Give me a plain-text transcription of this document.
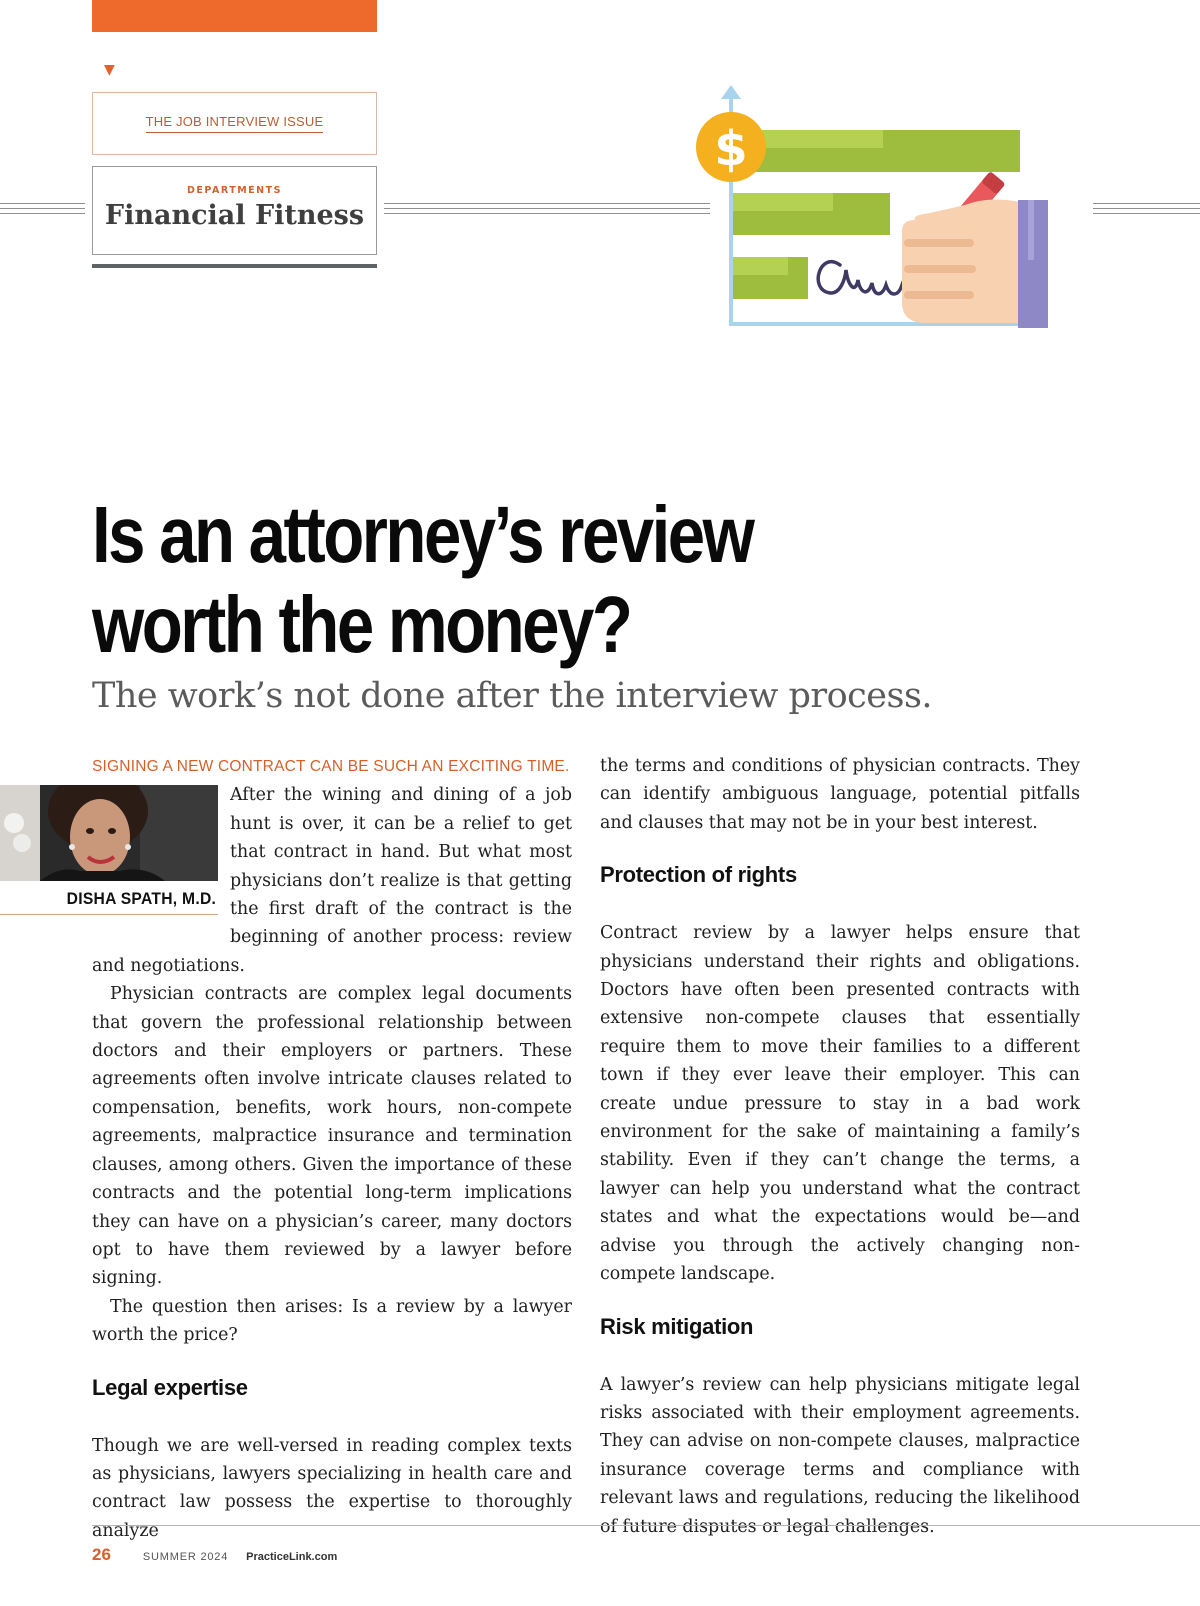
▼
THE JOB INTERVIEW ISSUE
DEPARTMENTS
Financial Fitness
$
Is an attorney’s review
worth the money?
The work’s not done after the interview process.

SIGNING A NEW CONTRACT CAN BE SUCH AN EXCITING TIME.

DISHA SPATH, M.D.

After the wining and dining of a job hunt is over, it can be a relief to get that contract in hand. But what most physicians don’t realize is that getting the first draft of the contract is the beginning of another process: review and negotiations.

Physician contracts are complex legal documents that govern the professional relationship between doctors and their employers or partners. These agreements often involve intricate clauses related to compensation, benefits, work hours, non-compete agreements, malpractice insurance and termination clauses, among others. Given the importance of these contracts and the potential long-term implications they can have on a physician’s career, many doctors opt to have them reviewed by a lawyer before signing.

The question then arises: Is a review by a lawyer worth the price?

Legal expertise

Though we are well-versed in reading complex texts as physicians, lawyers specializing in health care and contract law possess the expertise to thoroughly analyze

the terms and conditions of physician contracts. They can identify ambiguous language, potential pitfalls and clauses that may not be in your best interest.

Protection of rights

Contract review by a lawyer helps ensure that physicians understand their rights and obligations. Doctors have often been presented contracts with extensive non-compete clauses that essentially require them to move their families to a different town if they ever leave their employer. This can create undue pressure to stay in a bad work environment for the sake of maintaining a family’s stability. Even if they can’t change the terms, a lawyer can help you understand what the contract states and what the expectations would be—and advise you through the actively changing non-compete landscape.

Risk mitigation

A lawyer’s review can help physicians mitigate legal risks associated with their employment agreements. They can advise on non-compete clauses, malpractice insurance coverage terms and compliance with relevant laws and regulations, reducing the likelihood of future disputes or legal challenges.

26	SUMMER 2024 PracticeLink.com
